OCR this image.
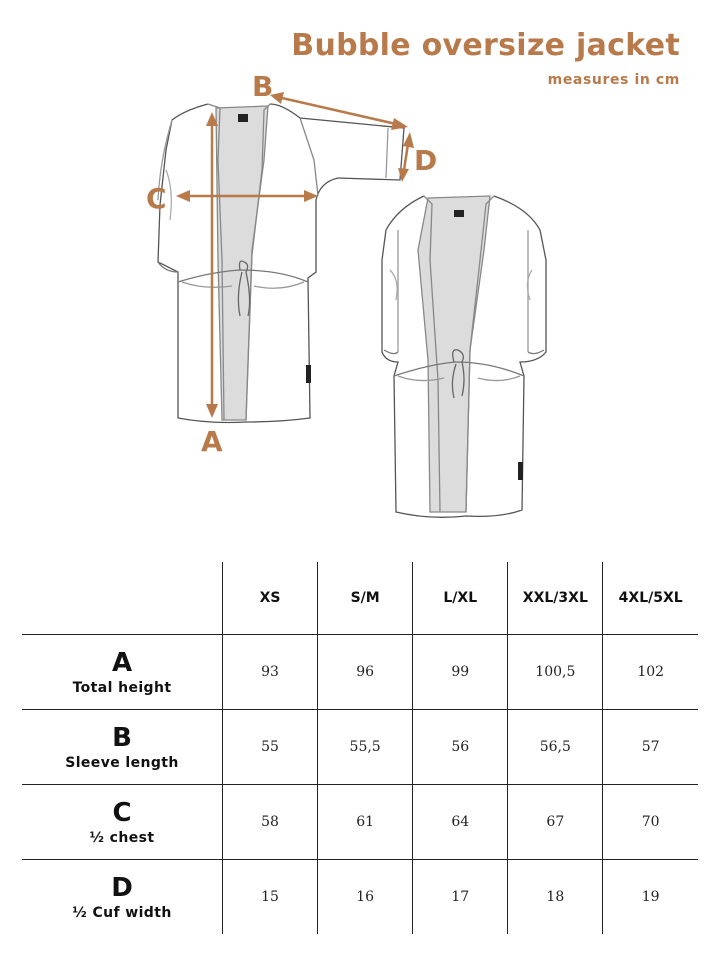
Bubble oversize jacket
measures in cm
A
B
C
D
	XS	S/M	L/XL	XXL/3XL	4XL/5XL

A
Total height	93	96	99	100,5	102

B
Sleeve length	55	55,5	56	56,5	57

C
½ chest	58	61	64	67	70

D
½ Cuf width	15	16	17	18	19
